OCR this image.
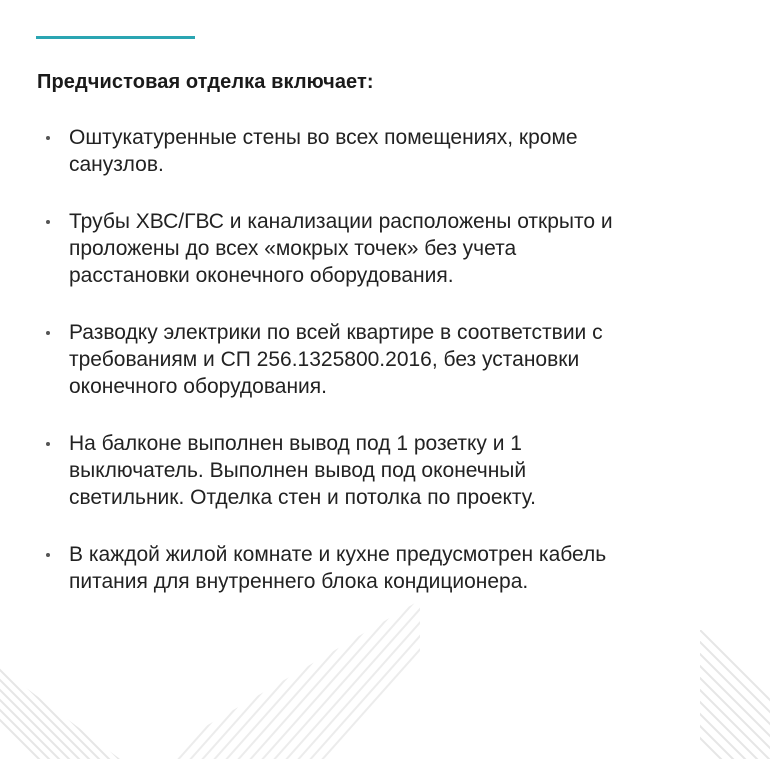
Предчистовая отделка включает:
Оштукатуренные стены во всех помещениях, кроме
санузлов.
Трубы ХВС/ГВС и канализации расположены открыто и
проложены до всех «мокрых точек» без учета
расстановки оконечного оборудования.
Разводку электрики по всей квартире в соответствии с
требованиям и СП 256.1325800.2016, без установки
оконечного оборудования.
На балконе выполнен вывод под 1 розетку и 1
выключатель. Выполнен вывод под оконечный
светильник. Отделка стен и потолка по проекту.
В каждой жилой комнате и кухне предусмотрен кабель
питания для внутреннего блока кондиционера.
